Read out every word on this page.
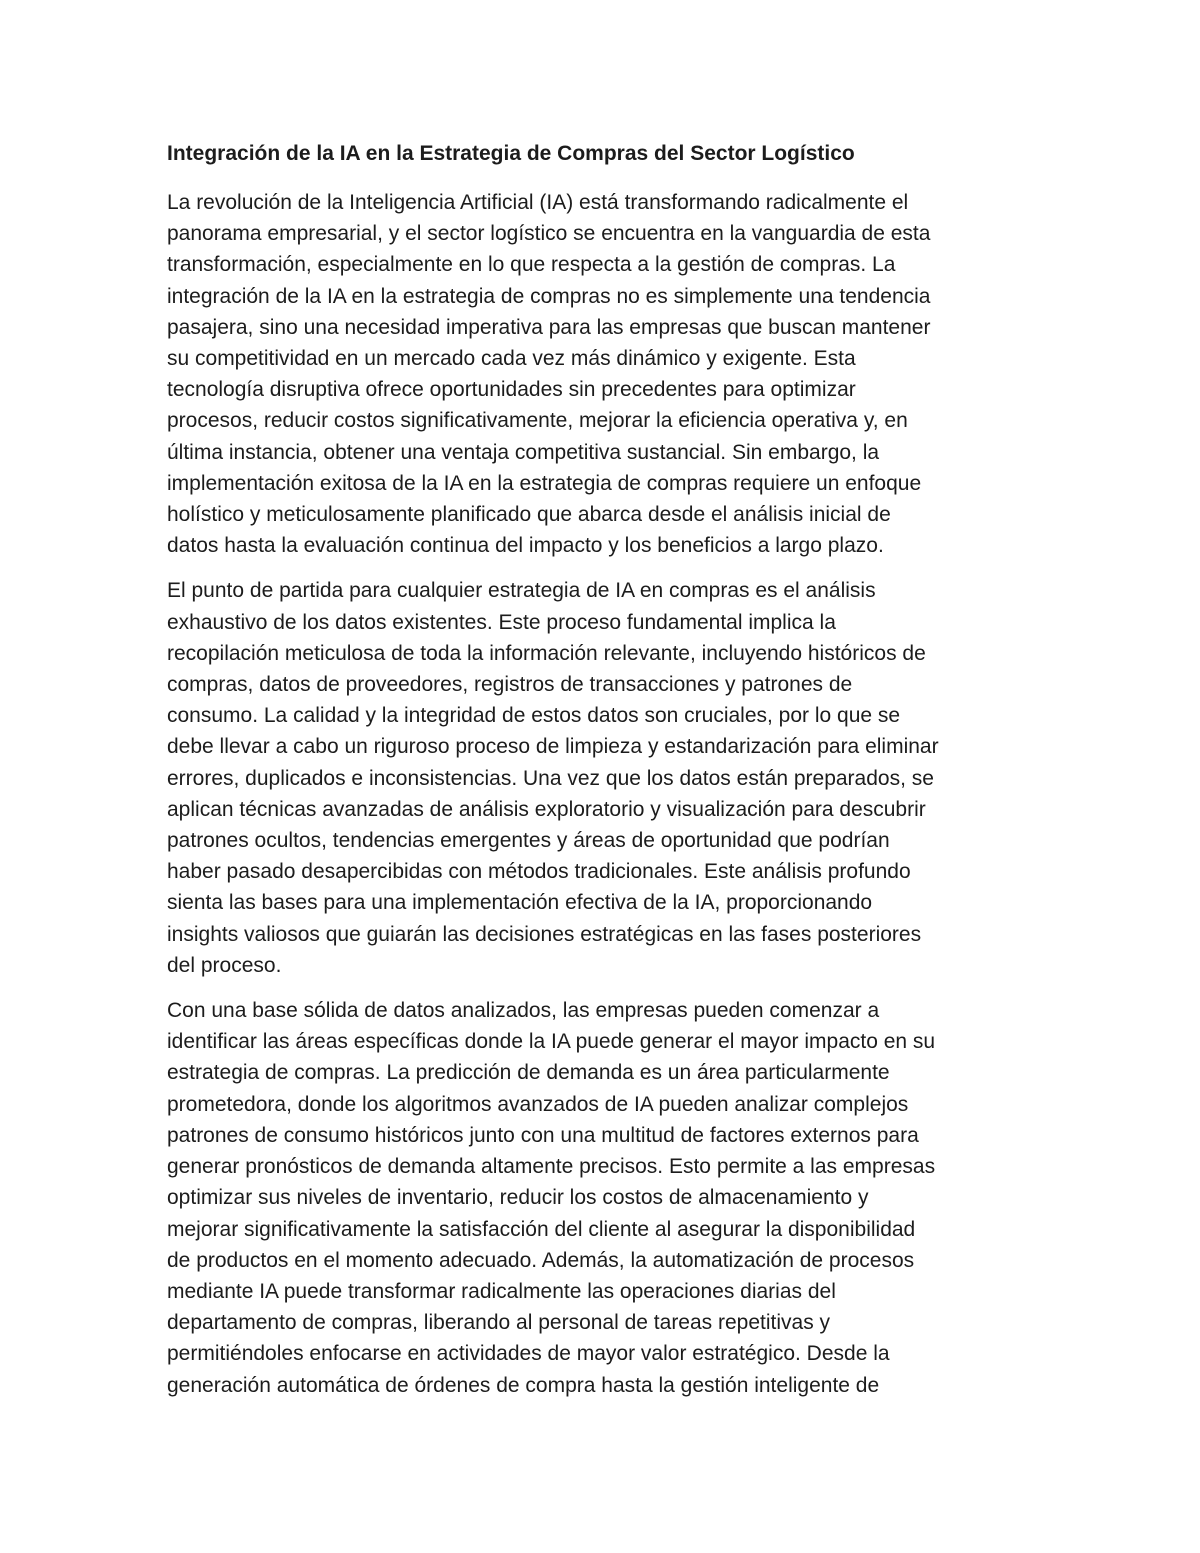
Integración de la IA en la Estrategia de Compras del Sector Logístico
La revolución de la Inteligencia Artificial (IA) está transformando radicalmente el
panorama empresarial, y el sector logístico se encuentra en la vanguardia de esta
transformación, especialmente en lo que respecta a la gestión de compras. La
integración de la IA en la estrategia de compras no es simplemente una tendencia
pasajera, sino una necesidad imperativa para las empresas que buscan mantener
su competitividad en un mercado cada vez más dinámico y exigente. Esta
tecnología disruptiva ofrece oportunidades sin precedentes para optimizar
procesos, reducir costos significativamente, mejorar la eficiencia operativa y, en
última instancia, obtener una ventaja competitiva sustancial. Sin embargo, la
implementación exitosa de la IA en la estrategia de compras requiere un enfoque
holístico y meticulosamente planificado que abarca desde el análisis inicial de
datos hasta la evaluación continua del impacto y los beneficios a largo plazo.
El punto de partida para cualquier estrategia de IA en compras es el análisis
exhaustivo de los datos existentes. Este proceso fundamental implica la
recopilación meticulosa de toda la información relevante, incluyendo históricos de
compras, datos de proveedores, registros de transacciones y patrones de
consumo. La calidad y la integridad de estos datos son cruciales, por lo que se
debe llevar a cabo un riguroso proceso de limpieza y estandarización para eliminar
errores, duplicados e inconsistencias. Una vez que los datos están preparados, se
aplican técnicas avanzadas de análisis exploratorio y visualización para descubrir
patrones ocultos, tendencias emergentes y áreas de oportunidad que podrían
haber pasado desapercibidas con métodos tradicionales. Este análisis profundo
sienta las bases para una implementación efectiva de la IA, proporcionando
insights valiosos que guiarán las decisiones estratégicas en las fases posteriores
del proceso.
Con una base sólida de datos analizados, las empresas pueden comenzar a
identificar las áreas específicas donde la IA puede generar el mayor impacto en su
estrategia de compras. La predicción de demanda es un área particularmente
prometedora, donde los algoritmos avanzados de IA pueden analizar complejos
patrones de consumo históricos junto con una multitud de factores externos para
generar pronósticos de demanda altamente precisos. Esto permite a las empresas
optimizar sus niveles de inventario, reducir los costos de almacenamiento y
mejorar significativamente la satisfacción del cliente al asegurar la disponibilidad
de productos en el momento adecuado. Además, la automatización de procesos
mediante IA puede transformar radicalmente las operaciones diarias del
departamento de compras, liberando al personal de tareas repetitivas y
permitiéndoles enfocarse en actividades de mayor valor estratégico. Desde la
generación automática de órdenes de compra hasta la gestión inteligente de
